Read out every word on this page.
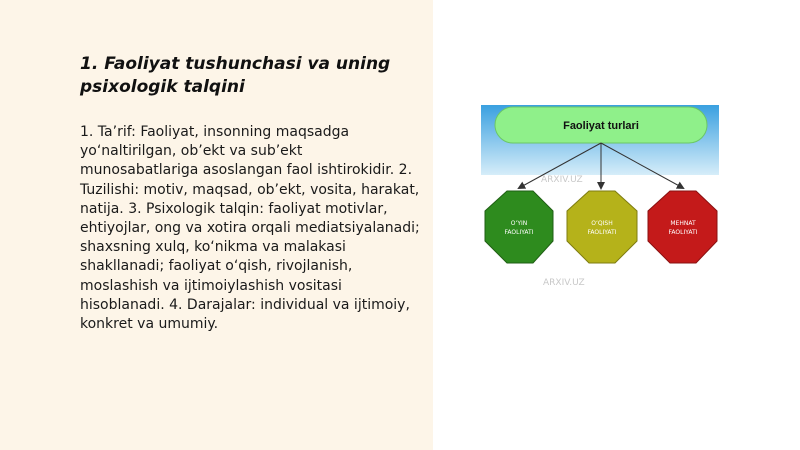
1. Faoliyat tushunchasi va uning psixologik talqini

1. Ta’rif: Faoliyat, insonning maqsadga yo‘naltirilgan, ob’ekt va sub’ekt munosabatlariga asoslangan faol ishtirokidir. 2. Tuzilishi: motiv, maqsad, ob’ekt, vosita, harakat, natija. 3. Psixologik talqin: faoliyat motivlar, ehtiyojlar, ong va xotira orqali mediatsiyalanadi; shaxsning xulq, ko‘nikma va malakasi shakllanadi; faoliyat o‘qish, rivojlanish, moslashish va ijtimoiylashish vositasi hisoblanadi. 4. Darajalar: individual va ijtimoiy, konkret va umumiy.

Faoliyat turlari
ARXIV.UZ
O‘YIN
FAOLIYATI
O‘QISH
FAOLIYATI
MEHNAT
FAOLIYATI
ARXIV.UZ
